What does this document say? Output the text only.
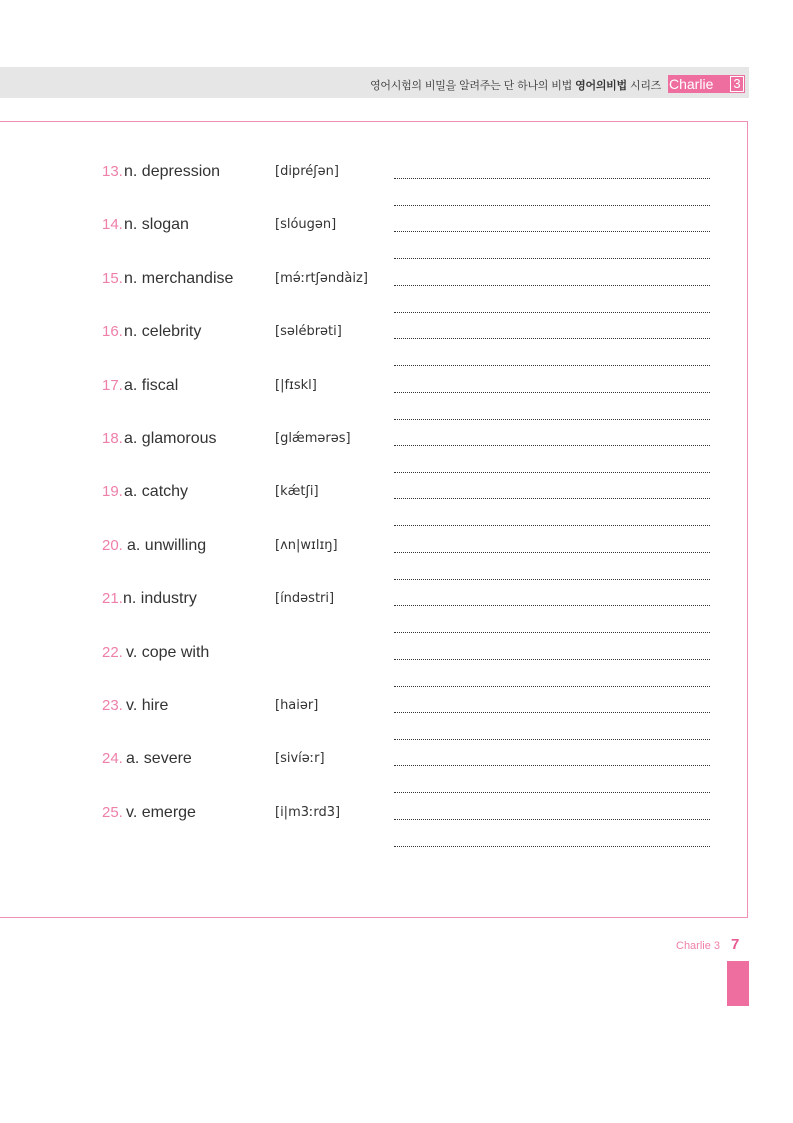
영어시험의 비밀을 알려주는 단 하나의 비법 영어의비법 시리즈 Charlie 3
13. n. depression	[dipréʃən]
14. n. slogan	[slóugən]
15. n. merchandise	[mə́ːrtʃəndàiz]
16. n. celebrity	[səlébrəti]
17. a. fiscal	[|fɪskl]
18. a. glamorous	[glǽmərəs]
19. a. catchy	[kǽtʃi]
20. a. unwilling	[ʌn|wɪlɪŋ]
21. n. industry	[índəstri]
22. v. cope with
23. v. hire	[haiər]
24. a. severe	[sivíəːr]
25. v. emerge	[i|m3ːrd3]
Charlie 3 7
